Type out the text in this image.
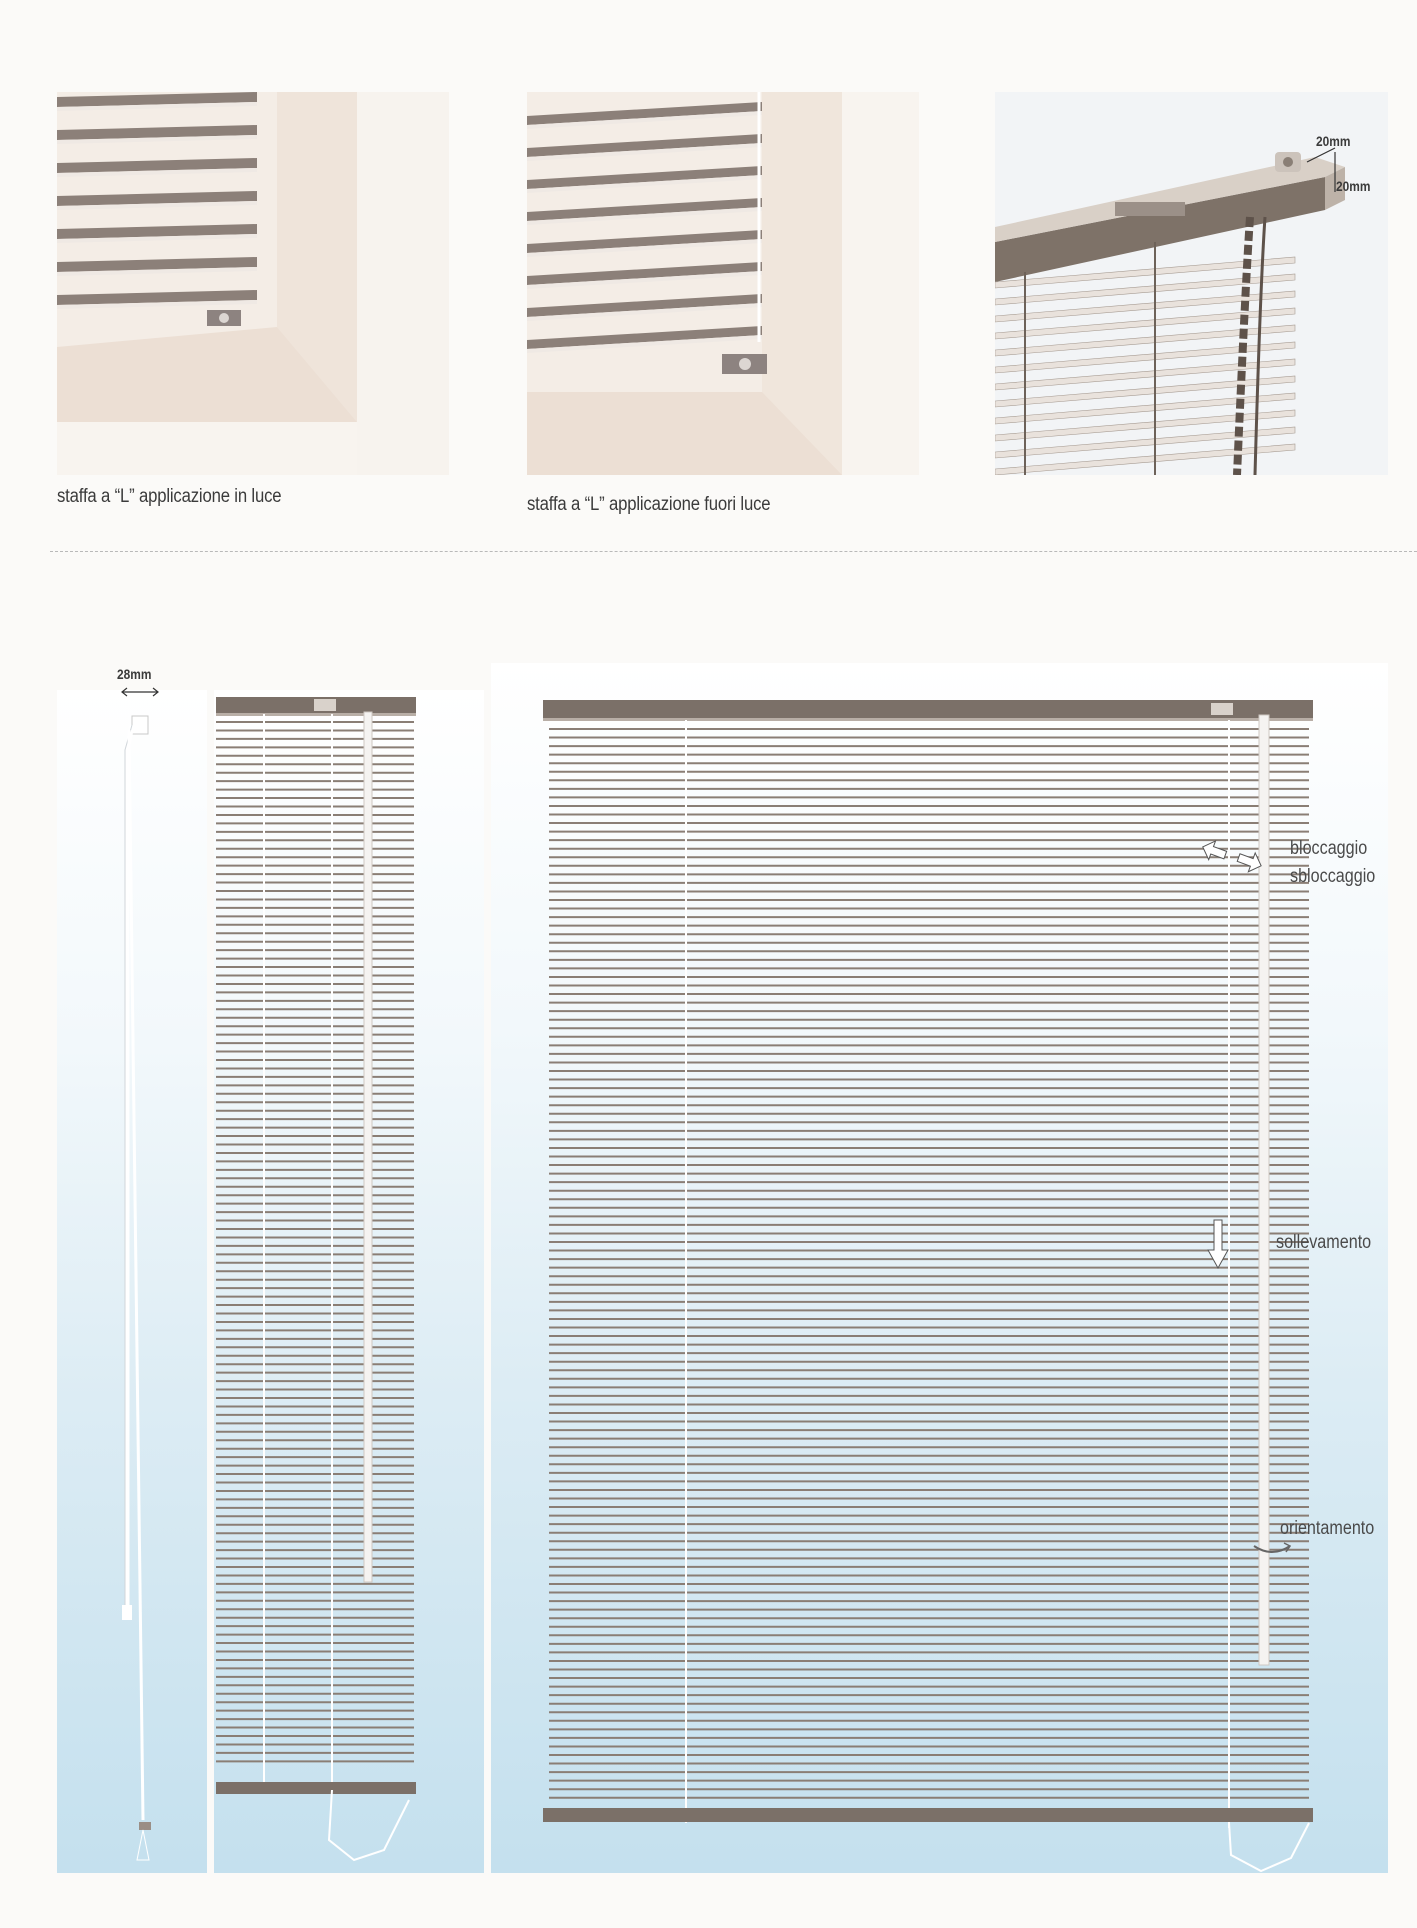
20mm
20mm
staffa a “L” applicazione in luce	staffa a “L” applicazione fuori luce
28mm
bloccaggio
sbloccaggio
sollevamento
orientamento
